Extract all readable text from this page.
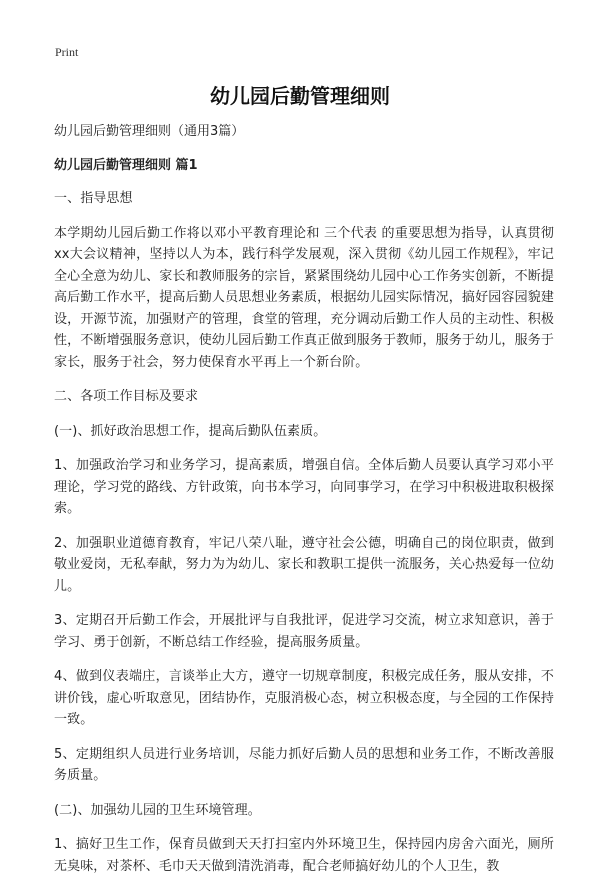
Print
幼儿园后勤管理细则

幼儿园后勤管理细则（通用3篇）

幼儿园后勤管理细则 篇1

一、指导思想

本学期幼儿园后勤工作将以邓小平教育理论和 三个代表 的重要思想为指导，认真贯彻xx大会议精神，坚持以人为本，践行科学发展观，深入贯彻《幼儿园工作规程》，牢记全心全意为幼儿、家长和教师服务的宗旨，紧紧围绕幼儿园中心工作务实创新，不断提高后勤工作水平，提高后勤人员思想业务素质，根据幼儿园实际情况，搞好园容园貌建设，开源节流，加强财产的管理，食堂的管理，充分调动后勤工作人员的主动性、积极性，不断增强服务意识，使幼儿园后勤工作真正做到服务于教师，服务于幼儿，服务于家长，服务于社会，努力使保育水平再上一个新台阶。

二、各项工作目标及要求

(一)、抓好政治思想工作，提高后勤队伍素质。

1、加强政治学习和业务学习，提高素质，增强自信。全体后勤人员要认真学习邓小平理论，学习党的路线、方针政策，向书本学习，向同事学习，在学习中积极进取积极探索。

2、加强职业道德育教育，牢记八荣八耻，遵守社会公德，明确自己的岗位职责，做到敬业爱岗，无私奉献，努力为为幼儿、家长和教职工提供一流服务，关心热爱每一位幼儿。

3、定期召开后勤工作会，开展批评与自我批评，促进学习交流，树立求知意识，善于学习、勇于创新，不断总结工作经验，提高服务质量。

4、做到仪表端庄，言谈举止大方，遵守一切规章制度，积极完成任务，服从安排，不讲价钱，虚心听取意见，团结协作，克服消极心态，树立积极态度，与全园的工作保持一致。

5、定期组织人员进行业务培训，尽能力抓好后勤人员的思想和业务工作，不断改善服务质量。

(二)、加强幼儿园的卫生环境管理。

1、搞好卫生工作，保育员做到天天打扫室内外环境卫生，保持园内房舍六面光，厕所无臭味，对茶杯、毛巾天天做到清洗消毒，配合老师搞好幼儿的个人卫生，教
